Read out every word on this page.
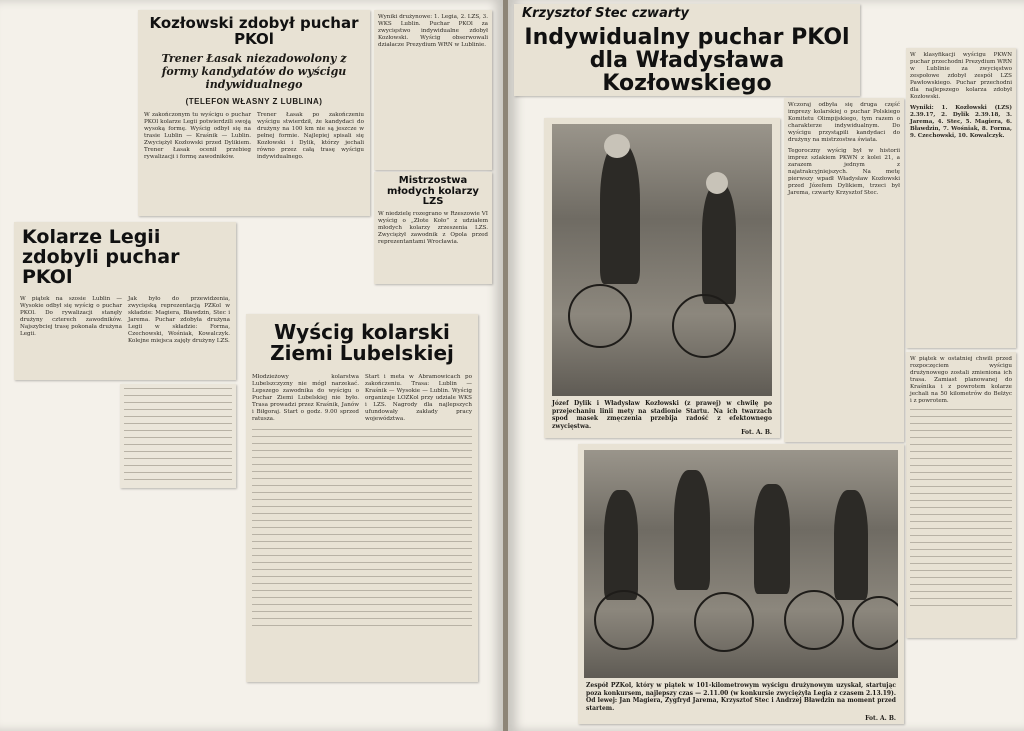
Kozłowski zdobył puchar PKOl
Trener Łasak niezadowolony z formy kandydatów do wyścigu indywidualnego
(TELEFON WŁASNY Z LUBLINA)
W zakończonym tu wyścigu o puchar PKOl kolarze Legii potwierdzili swoją wysoką formę. Wyścig odbył się na trasie Lublin — Kraśnik — Lublin. Zwyciężył Kozłowski przed Dylikiem. Trener Łasak ocenił przebieg rywalizacji i formę zawodników.
Trener Łasak po zakończeniu wyścigu stwierdził, że kandydaci do drużyny na 100 km nie są jeszcze w pełnej formie. Najlepiej spisali się Kozłowski i Dylik, którzy jechali równo przez całą trasę wyścigu indywidualnego.
Wyniki drużynowe: 1. Legia, 2. LZS, 3. WKS Lublin. Puchar PKOl za zwycięstwo indywidualne zdobył Kozłowski. Wyścig obserwowali działacze Prezydium WRN w Lublinie.
Mistrzostwa młodych kolarzy LZS
W niedzielę rozegrano w Rzeszowie VI wyścig o „Złote Koło” z udziałem młodych kolarzy zrzeszenia LZS. Zwyciężył zawodnik z Opola przed reprezentantami Wrocławia.
Kolarze Legii zdobyli puchar PKOl
W piątek na szosie Lublin — Wysokie odbył się wyścig o puchar PKOl. Do rywalizacji stanęły drużyny czterech zawodników. Najszybciej trasę pokonała drużyna Legii.
Jak było do przewidzenia, zwycięską reprezentacją PZKol w składzie: Magiera, Bławdzin, Stec i Jarema. Puchar zdobyła drużyna Legii w składzie: Forma, Czechowski, Wośniak, Kowalczyk. Kolejne miejsca zajęły drużyny LZS.	Wyścig kolarski Ziemi Lubelskiej
Młodzieżowy kolarstwa Lubelszczyzny nie mógł narzekać. Lepszego zawodnika do wyścigu o Puchar Ziemi Lubelskiej nie było. Trasa prowadzi przez Kraśnik, Janów i Biłgoraj. Start o godz. 9.00 sprzed ratusza.
Start i meta w Abramowicach po zakończeniu. Trasa: Lublin — Kraśnik — Wysokie — Lublin. Wyścig organizuje LOZKol przy udziale WKS i LZS. Nagrody dla najlepszych ufundowały zakłady pracy województwa.
Krzysztof Stec czwarty
Indywidualny puchar PKOl dla Władysława Kozłowskiego
Józef Dylik i Władysław Kozłowski (z prawej) w chwilę po przejechaniu linii mety na stadionie Startu. Na ich twarzach spod masek zmęczenia przebija radość z efektownego zwycięstwa.
Fot. A. B.
Wczoraj odbyła się druga część imprezy kolarskiej o puchar Polskiego Komitetu Olimpijskiego, tym razem o charakterze indywidualnym. Do wyścigu przystąpili kandydaci do drużyny na mistrzostwa świata.
Tegoroczny wyścig był w historii imprez szlakiem PKWN z kolei 21, a zarazem jednym z najatrakcyjniejszych. Na metę pierwszy wpadł Władysław Kozłowski przed Józefem Dylikiem, trzeci był Jarema, czwarty Krzysztof Stec.
W klasyfikacji wyścigu PKWN puchar przechodni Prezydium WRN w Lublinie za zwycięstwo zespołowe zdobył zespół LZS Pawłowskiego. Puchar przechodni dla najlepszego kolarza zdobył Kozłowski.
Wyniki: 1. Kozłowski (LZS) 2.39.17, 2. Dylik 2.39.18, 3. Jarema, 4. Stec, 5. Magiera, 6. Bławdzin, 7. Wośniak, 8. Forma, 9. Czechowski, 10. Kowalczyk.
W piątek w ostatniej chwili przed rozpoczęciem wyścigu drużynowego zostali zmieniona ich trasa. Zamiast planowanej do Kraśnika i z powrotem kolarze jechali na 50 kilometrów do Bełżyc i z powrotem.
Zespół PZKol, który w piątek w 101-kilometrowym wyścigu drużynowym uzyskał, startując poza konkursem, najlepszy czas — 2.11.00 (w konkursie zwyciężyła Legia z czasem 2.13.19). Od lewej: Jan Magiera, Zygfryd Jarema, Krzysztof Stec i Andrzej Bławdzin na moment przed startem.
Fot. A. B.
